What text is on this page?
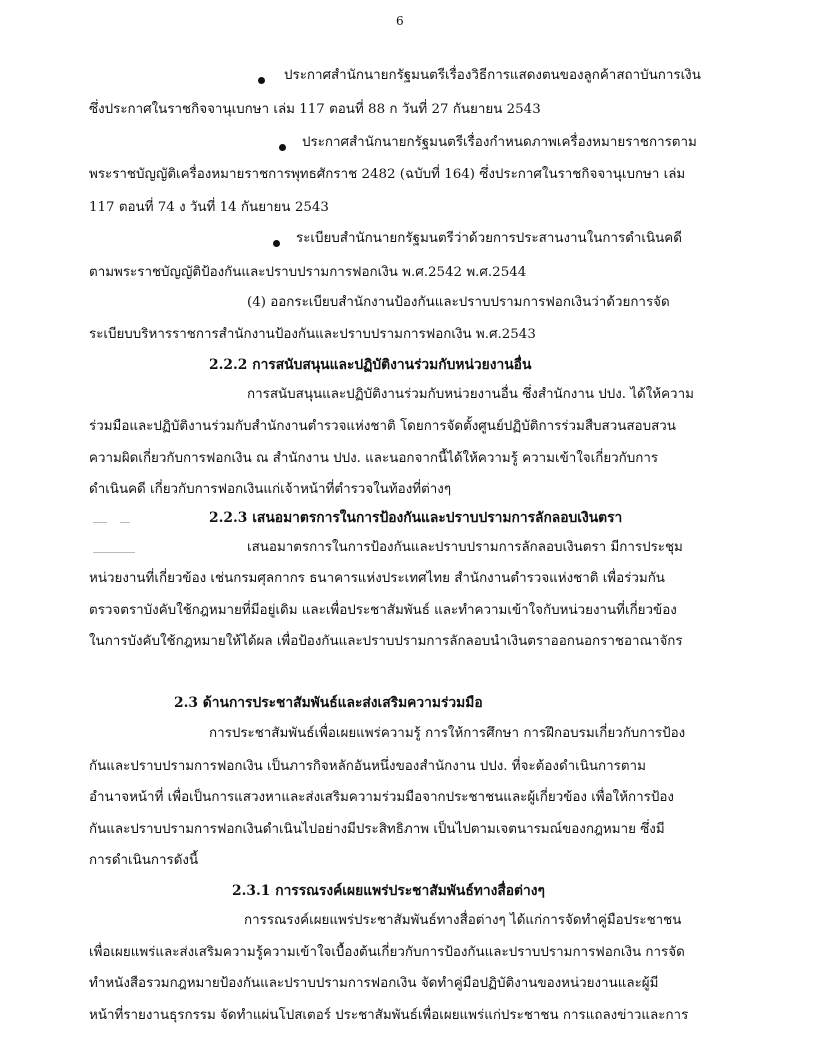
6
ประกาศสำนักนายกรัฐมนตรีเรื่องวิธีการแสดงตนของลูกค้าสถาบันการเงิน
ซึ่งประกาศในราชกิจจานุเบกษา เล่ม 117 ตอนที่ 88 ก วันที่ 27 กันยายน 2543
ประกาศสำนักนายกรัฐมนตรีเรื่องกำหนดภาพเครื่องหมายราชการตาม
พระราชบัญญัติเครื่องหมายราชการพุทธศักราช 2482 (ฉบับที่ 164) ซึ่งประกาศในราชกิจจานุเบกษา เล่ม
117 ตอนที่ 74 ง วันที่ 14 กันยายน 2543
ระเบียบสำนักนายกรัฐมนตรีว่าด้วยการประสานงานในการดำเนินคดี
ตามพระราชบัญญัติป้องกันและปราบปรามการฟอกเงิน พ.ศ.2542 พ.ศ.2544
(4) ออกระเบียบสำนักงานป้องกันและปราบปรามการฟอกเงินว่าด้วยการจัด
ระเบียบบริหารราชการสำนักงานป้องกันและปราบปรามการฟอกเงิน พ.ศ.2543
2.2.2 การสนับสนุนและปฏิบัติงานร่วมกับหน่วยงานอื่น
การสนับสนุนและปฏิบัติงานร่วมกับหน่วยงานอื่น ซึ่งสำนักงาน ปปง. ได้ให้ความ
ร่วมมือและปฏิบัติงานร่วมกับสำนักงานตำรวจแห่งชาติ โดยการจัดตั้งศูนย์ปฏิบัติการร่วมสืบสวนสอบสวน
ความผิดเกี่ยวกับการฟอกเงิน ณ สำนักงาน ปปง. และนอกจากนี้ได้ให้ความรู้ ความเข้าใจเกี่ยวกับการ
ดำเนินคดี เกี่ยวกับการฟอกเงินแก่เจ้าหน้าที่ตำรวจในท้องที่ต่างๆ
2.2.3 เสนอมาตรการในการป้องกันและปราบปรามการลักลอบเงินตรา
เสนอมาตรการในการป้องกันและปราบปรามการลักลอบเงินตรา มีการประชุม
หน่วยงานที่เกี่ยวข้อง เช่นกรมศุลกากร ธนาคารแห่งประเทศไทย สำนักงานตำรวจแห่งชาติ เพื่อร่วมกัน
ตรวจตราบังคับใช้กฎหมายที่มีอยู่เดิม และเพื่อประชาสัมพันธ์ และทำความเข้าใจกับหน่วยงานที่เกี่ยวข้อง
ในการบังคับใช้กฎหมายให้ได้ผล เพื่อป้องกันและปราบปรามการลักลอบนำเงินตราออกนอกราชอาณาจักร
2.3 ด้านการประชาสัมพันธ์และส่งเสริมความร่วมมือ
การประชาสัมพันธ์เพื่อเผยแพร่ความรู้ การให้การศึกษา การฝึกอบรมเกี่ยวกับการป้อง
กันและปราบปรามการฟอกเงิน เป็นภารกิจหลักอันหนึ่งของสำนักงาน ปปง. ที่จะต้องดำเนินการตาม
อำนาจหน้าที่ เพื่อเป็นการแสวงหาและส่งเสริมความร่วมมือจากประชาชนและผู้เกี่ยวข้อง เพื่อให้การป้อง
กันและปราบปรามการฟอกเงินดำเนินไปอย่างมีประสิทธิภาพ เป็นไปตามเจตนารมณ์ของกฎหมาย ซึ่งมี
การดำเนินการดังนี้
2.3.1 การรณรงค์เผยแพร่ประชาสัมพันธ์ทางสื่อต่างๆ
การรณรงค์เผยแพร่ประชาสัมพันธ์ทางสื่อต่างๆ ได้แก่การจัดทำคู่มือประชาชน
เพื่อเผยแพร่และส่งเสริมความรู้ความเข้าใจเบื้องต้นเกี่ยวกับการป้องกันและปราบปรามการฟอกเงิน การจัด
ทำหนังสือรวมกฎหมายป้องกันและปราบปรามการฟอกเงิน จัดทำคู่มือปฏิบัติงานของหน่วยงานและผู้มี
หน้าที่รายงานธุรกรรม จัดทำแผ่นโปสเตอร์ ประชาสัมพันธ์เพื่อเผยแพร่แก่ประชาชน การแถลงข่าวและการ
